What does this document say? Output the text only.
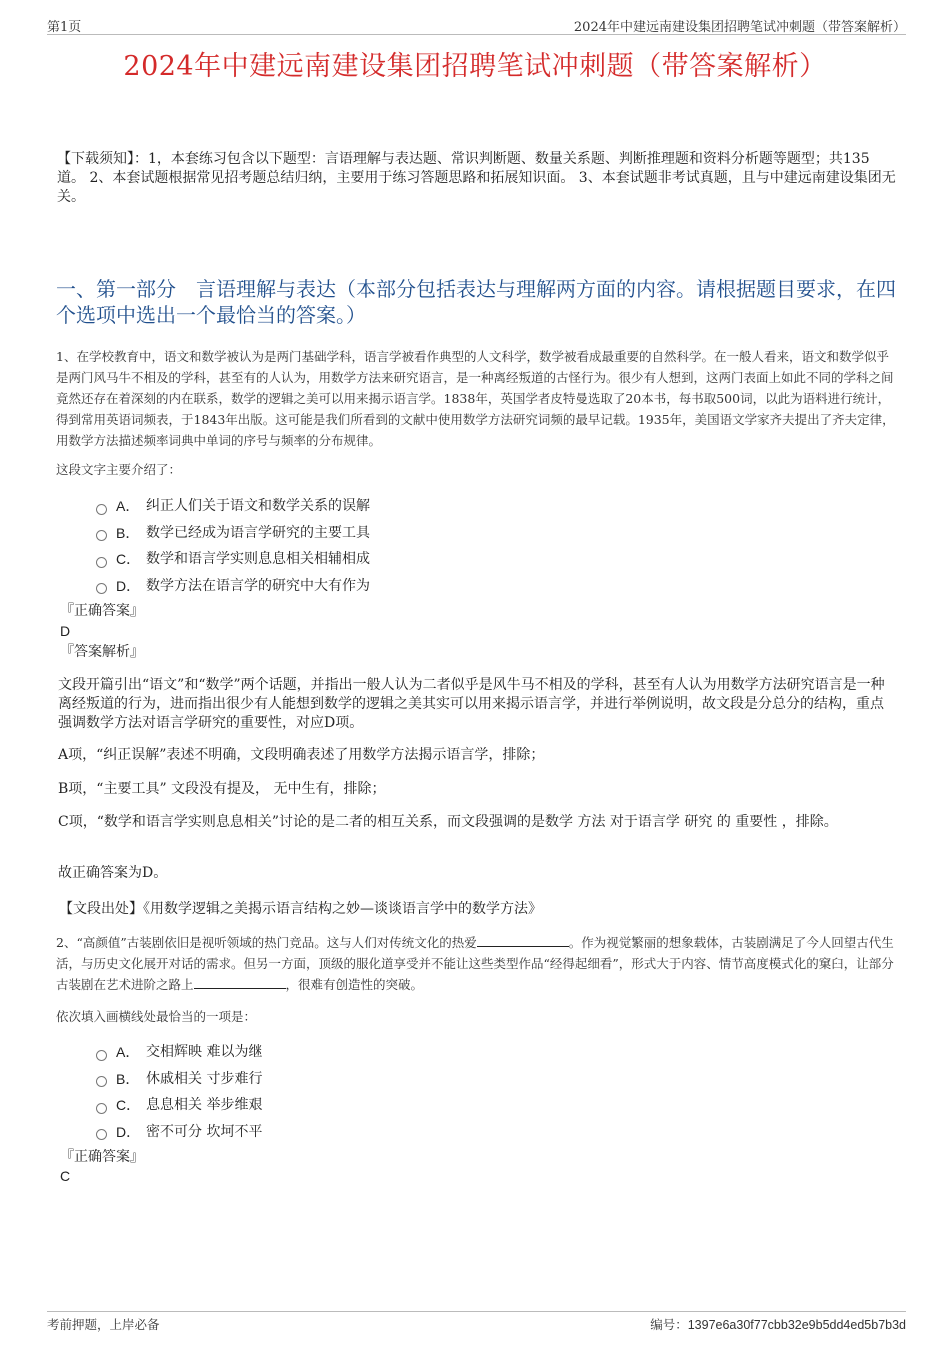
第1页	2024年中建远南建设集团招聘笔试冲刺题（带答案解析）
2024年中建远南建设集团招聘笔试冲刺题（带答案解析）
【下载须知】：1，本套练习包含以下题型：言语理解与表达题、常识判断题、数量关系题、判断推理题和资料分析题等题型；共135道。 2、本套试题根据常见招考题总结归纳，主要用于练习答题思路和拓展知识面。 3、本套试题非考试真题，且与中建远南建设集团无关。
一、第一部分　言语理解与表达（本部分包括表达与理解两方面的内容。请根据题目要求，在四个选项中选出一个最恰当的答案。）
1、在学校教育中，语文和数学被认为是两门基础学科，语言学被看作典型的人文科学，数学被看成最重要的自然科学。在一般人看来，语文和数学似乎是两门风马牛不相及的学科，甚至有的人认为，用数学方法来研究语言，是一种离经叛道的古怪行为。很少有人想到，这两门表面上如此不同的学科之间竟然还存在着深刻的内在联系，数学的逻辑之美可以用来揭示语言学。1838年，英国学者皮特曼选取了20本书，每书取500词，以此为语料进行统计，得到常用英语词频表，于1843年出版。这可能是我们所看到的文献中使用数学方法研究词频的最早记载。1935年，美国语文学家齐夫提出了齐夫定律，用数学方法描述频率词典中单词的序号与频率的分布规律。
这段文字主要介绍了：
A． 纠正人们关于语文和数学关系的误解
B． 数学已经成为语言学研究的主要工具
C． 数学和语言学实则息息相关相辅相成
D． 数学方法在语言学的研究中大有作为
『正确答案』
D
『答案解析』
文段开篇引出“语文”和“数学”两个话题，并指出一般人认为二者似乎是风牛马不相及的学科，甚至有人认为用数学方法研究语言是一种离经叛道的行为，进而指出很少有人能想到数学的逻辑之美其实可以用来揭示语言学，并进行举例说明，故文段是分总分的结构，重点强调数学方法对语言学研究的重要性，对应D项。
A项，“纠正误解”表述不明确，文段明确表述了用数学方法揭示语言学，排除；
B项，“主要工具” 文段没有提及， 无中生有，排除；
C项，“数学和语言学实则息息相关”讨论的是二者的相互关系，而文段强调的是数学 方法 对于语言学 研究 的 重要性 ，排除。
故正确答案为D。
【文段出处】《用数学逻辑之美揭示语言结构之妙—谈谈语言学中的数学方法》
2、“高颜值”古装剧依旧是视听领域的热门竞品。这与人们对传统文化的热爱	。作为视觉繁丽的想象载体，古装剧满足了今人回望古代生活，与历史文化展开对话的需求。但另一方面，顶级的服化道享受并不能让这些类型作品“经得起细看”，形式大于内容、情节高度模式化的窠臼，让部分古装剧在艺术进阶之路上	，很难有创造性的突破。
依次填入画横线处最恰当的一项是：
A． 交相辉映 难以为继
B． 休戚相关 寸步难行
C． 息息相关 举步维艰
D． 密不可分 坎坷不平
『正确答案』
C
考前押题，上岸必备	编号：1397e6a30f77cbb32e9b5dd4ed5b7b3d
